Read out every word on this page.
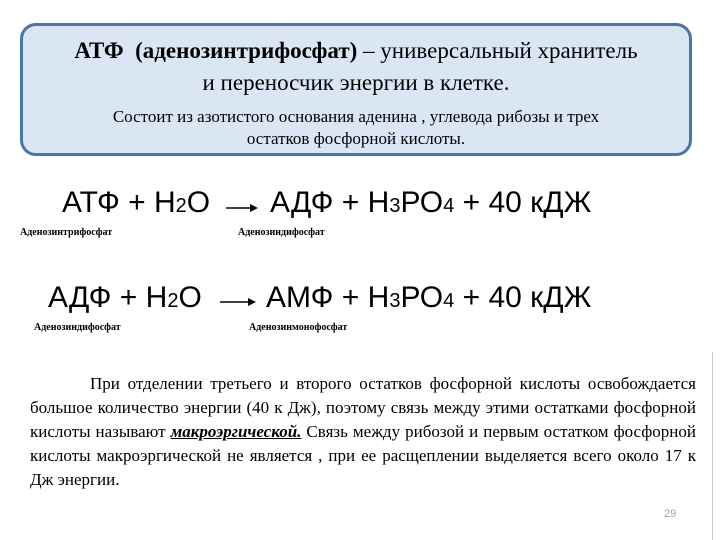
АТФ (аденозинтрифосфат) – универсальный хранитель
и переносчик энергии в клетке.
Состоит из азотистого основания аденина , углевода рибозы и трех
остатков фосфорной кислоты.
АТФ + Н2О → АДФ + Н3РО4 + 40 кДЖ
Аденозинтрифосфат	Аденозиндифосфат
АДФ + Н2О → АМФ + Н3РО4 + 40 кДЖ
Аденозиндифосфат	Аденозинмонофосфат
При отделении третьего и второго остатков фосфорной кислоты освобождается большое количество энергии (40 к Дж), поэтому связь между этими остатками фосфорной кислоты называют макроэргической. Связь между рибозой и первым остатком фосфорной кислоты макроэргической не является , при ее расщеплении выделяется всего около 17 к Дж энергии.
29
